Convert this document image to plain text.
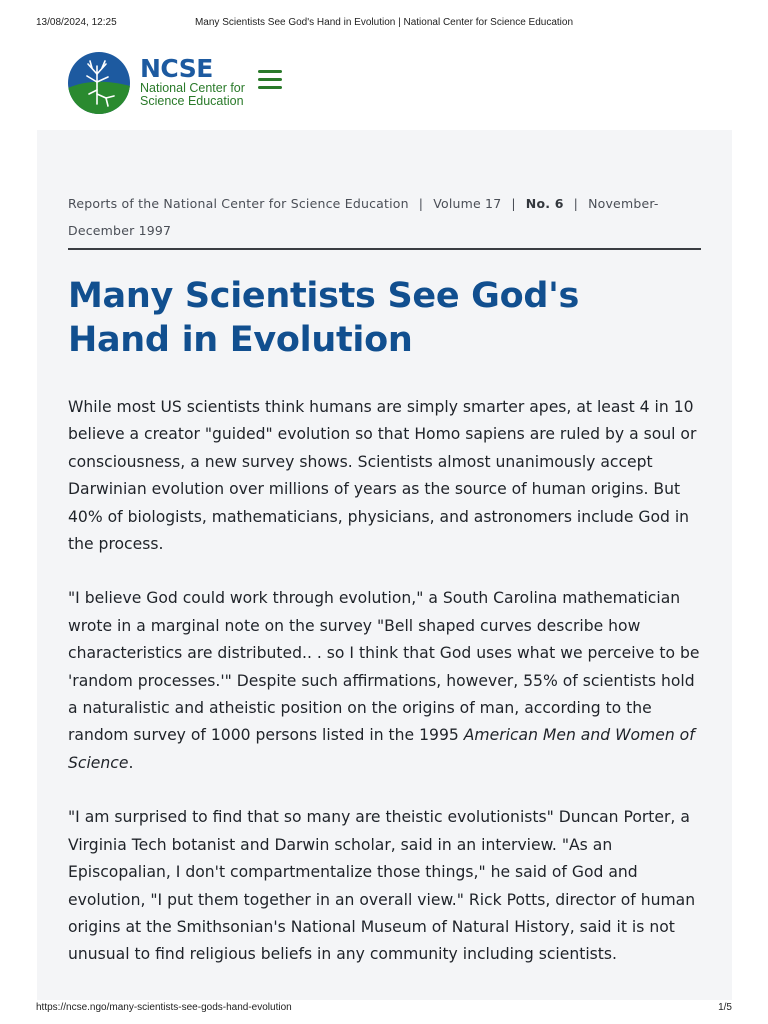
13/08/2024, 12:25	Many Scientists See God's Hand in Evolution | National Center for Science Education
NCSE
National Center for
Science Education
Reports of the National Center for Science Education | Volume 17 | No. 6 | November-December 1997
Many Scientists See God's Hand in Evolution

While most US scientists think humans are simply smarter apes, at least 4 in 10 believe a creator "guided" evolution so that Homo sapiens are ruled by a soul or consciousness, a new survey shows. Scientists almost unanimously accept Darwinian evolution over millions of years as the source of human origins. But 40% of biologists, mathematicians, physicians, and astronomers include God in the process.

"I believe God could work through evolution," a South Carolina mathematician wrote in a marginal note on the survey "Bell shaped curves describe how characteristics are distributed.. . so I think that God uses what we perceive to be 'random processes.'" Despite such affirmations, however, 55% of scientists hold a naturalistic and atheistic position on the origins of man, according to the random survey of 1000 persons listed in the 1995 American Men and Women of Science.

"I am surprised to find that so many are theistic evolutionists" Duncan Porter, a Virginia Tech botanist and Darwin scholar, said in an interview. "As an Episcopalian, I don't compartmentalize those things," he said of God and evolution, "I put them together in an overall view." Rick Potts, director of human origins at the Smithsonian's National Museum of Natural History, said it is not unusual to find religious beliefs in any community including scientists.

https://ncse.ngo/many-scientists-see-gods-hand-evolution	1/5
